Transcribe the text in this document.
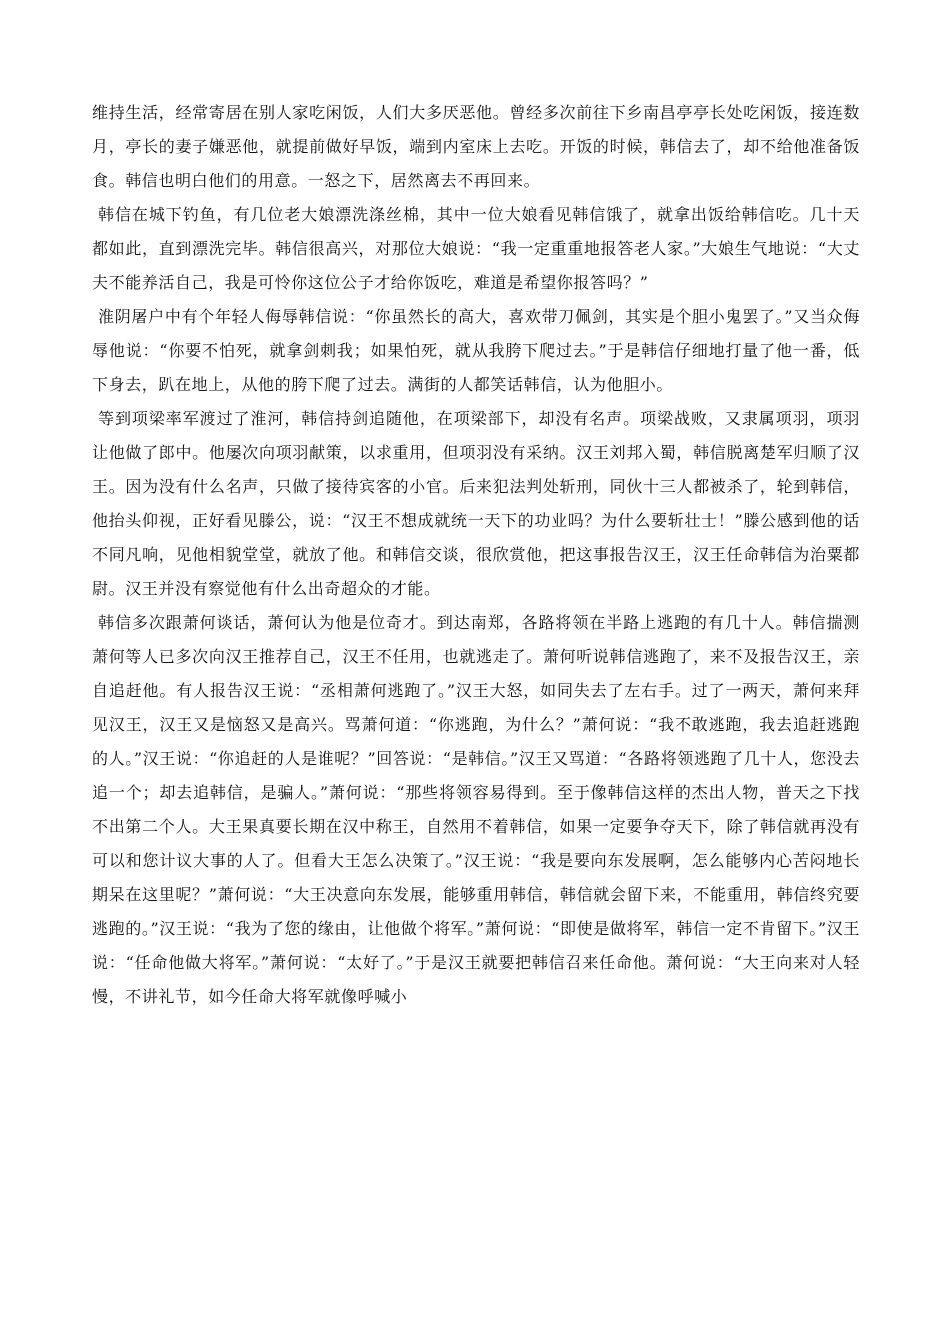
维持生活，经常寄居在别人家吃闲饭，人们大多厌恶他。曾经多次前往下乡南昌亭亭长处吃闲饭，接连数月，亭长的妻子嫌恶他，就提前做好早饭，端到内室床上去吃。开饭的时候，韩信去了，却不给他准备饭食。韩信也明白他们的用意。一怒之下，居然离去不再回来。

韩信在城下钓鱼，有几位老大娘漂洗涤丝棉，其中一位大娘看见韩信饿了，就拿出饭给韩信吃。几十天都如此，直到漂洗完毕。韩信很高兴，对那位大娘说：“我一定重重地报答老人家。”大娘生气地说：“大丈夫不能养活自己，我是可怜你这位公子才给你饭吃，难道是希望你报答吗？”

淮阴屠户中有个年轻人侮辱韩信说：“你虽然长的高大，喜欢带刀佩剑，其实是个胆小鬼罢了。”又当众侮辱他说：“你要不怕死，就拿剑刺我；如果怕死，就从我胯下爬过去。”于是韩信仔细地打量了他一番，低下身去，趴在地上，从他的胯下爬了过去。满街的人都笑话韩信，认为他胆小。

等到项梁率军渡过了淮河，韩信持剑追随他，在项梁部下，却没有名声。项梁战败，又隶属项羽，项羽让他做了郎中。他屡次向项羽献策，以求重用，但项羽没有采纳。汉王刘邦入蜀，韩信脱离楚军归顺了汉王。因为没有什么名声，只做了接待宾客的小官。后来犯法判处斩刑，同伙十三人都被杀了，轮到韩信，他抬头仰视，正好看见滕公，说：“汉王不想成就统一天下的功业吗？为什么要斩壮士！”滕公感到他的话不同凡响，见他相貌堂堂，就放了他。和韩信交谈，很欣赏他，把这事报告汉王，汉王任命韩信为治粟都尉。汉王并没有察觉他有什么出奇超众的才能。

韩信多次跟萧何谈话，萧何认为他是位奇才。到达南郑，各路将领在半路上逃跑的有几十人。韩信揣测萧何等人已多次向汉王推荐自己，汉王不任用，也就逃走了。萧何听说韩信逃跑了，来不及报告汉王，亲自追赶他。有人报告汉王说：“丞相萧何逃跑了。”汉王大怒，如同失去了左右手。过了一两天，萧何来拜见汉王，汉王又是恼怒又是高兴。骂萧何道：“你逃跑，为什么？”萧何说：“我不敢逃跑，我去追赶逃跑的人。”汉王说：“你追赶的人是谁呢？”回答说：“是韩信。”汉王又骂道：“各路将领逃跑了几十人，您没去追一个；却去追韩信，是骗人。”萧何说：“那些将领容易得到。至于像韩信这样的杰出人物，普天之下找不出第二个人。大王果真要长期在汉中称王，自然用不着韩信，如果一定要争夺天下，除了韩信就再没有可以和您计议大事的人了。但看大王怎么决策了。”汉王说：“我是要向东发展啊，怎么能够内心苦闷地长期呆在这里呢？”萧何说：“大王决意向东发展，能够重用韩信，韩信就会留下来，不能重用，韩信终究要逃跑的。”汉王说：“我为了您的缘由，让他做个将军。”萧何说：“即使是做将军，韩信一定不肯留下。”汉王说：“任命他做大将军。”萧何说：“太好了。”于是汉王就要把韩信召来任命他。萧何说：“大王向来对人轻慢，不讲礼节，如今任命大将军就像呼喊小
